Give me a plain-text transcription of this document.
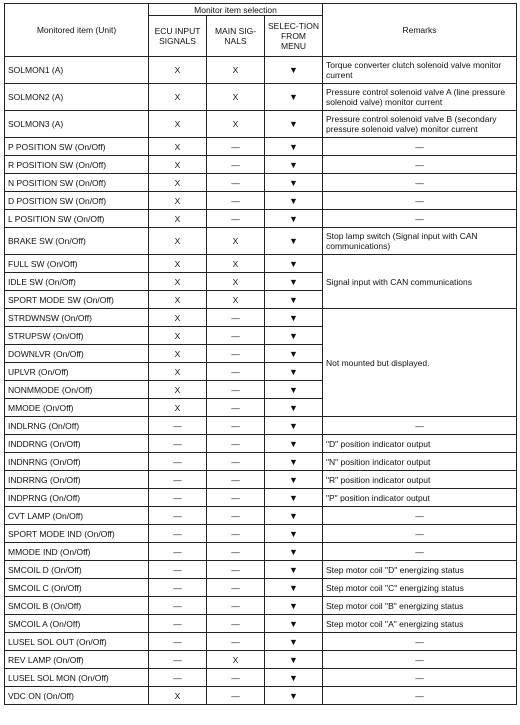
Monitored item (Unit)	Monitor item selection			Remarks
	ECU INPUT SIGNALS	MAIN SIG-NALS	SELEC-TION FROM MENU	
SOLMON1 (A)	X	X	▼	Torque converter clutch solenoid valve monitor current
SOLMON2 (A)	X	X	▼	Pressure control solenoid valve A (line pressure solenoid valve) monitor current
SOLMON3 (A)	X	X	▼	Pressure control solenoid valve B (secondary pressure solenoid valve) monitor current
P POSITION SW (On/Off)	X	—	▼	—
R POSITION SW (On/Off)	X	—	▼	—
N POSITION SW (On/Off)	X	—	▼	—
D POSITION SW (On/Off)	X	—	▼	—
L POSITION SW (On/Off)	X	—	▼	—
BRAKE SW (On/Off)	X	X	▼	Stop lamp switch (Signal input with CAN communications)
FULL SW (On/Off)	X	X	▼	Signal input with CAN communications
IDLE SW (On/Off)	X	X	▼	
SPORT MODE SW (On/Off)	X	X	▼	
STRDWNSW (On/Off)	X	—	▼	Not mounted but displayed.
STRUPSW (On/Off)	X	—	▼	
DOWNLVR (On/Off)	X	—	▼	
UPLVR (On/Off)	X	—	▼	
NONMMODE (On/Off)	X	—	▼	
MMODE (On/Off)	X	—	▼	
INDLRNG (On/Off)	—	—	▼	—
INDDRNG (On/Off)	—	—	▼	"D" position indicator output
INDNRNG (On/Off)	—	—	▼	"N" position indicator output
INDRRNG (On/Off)	—	—	▼	"R" position indicator output
INDPRNG (On/Off)	—	—	▼	"P" position indicator output
CVT LAMP (On/Off)	—	—	▼	—
SPORT MODE IND (On/Off)	—	—	▼	—
MMODE IND (On/Off)	—	—	▼	—
SMCOIL D (On/Off)	—	—	▼	Step motor coil "D" energizing status
SMCOIL C (On/Off)	—	—	▼	Step motor coil "C" energizing status
SMCOIL B (On/Off)	—	—	▼	Step motor coil "B" energizing status
SMCOIL A (On/Off)	—	—	▼	Step motor coil "A" energizing status
LUSEL SOL OUT (On/Off)	—	—	▼	—
REV LAMP (On/Off)	—	X	▼	—
LUSEL SOL MON (On/Off)	—	—	▼	—
VDC ON (On/Off)	X	—	▼	—
